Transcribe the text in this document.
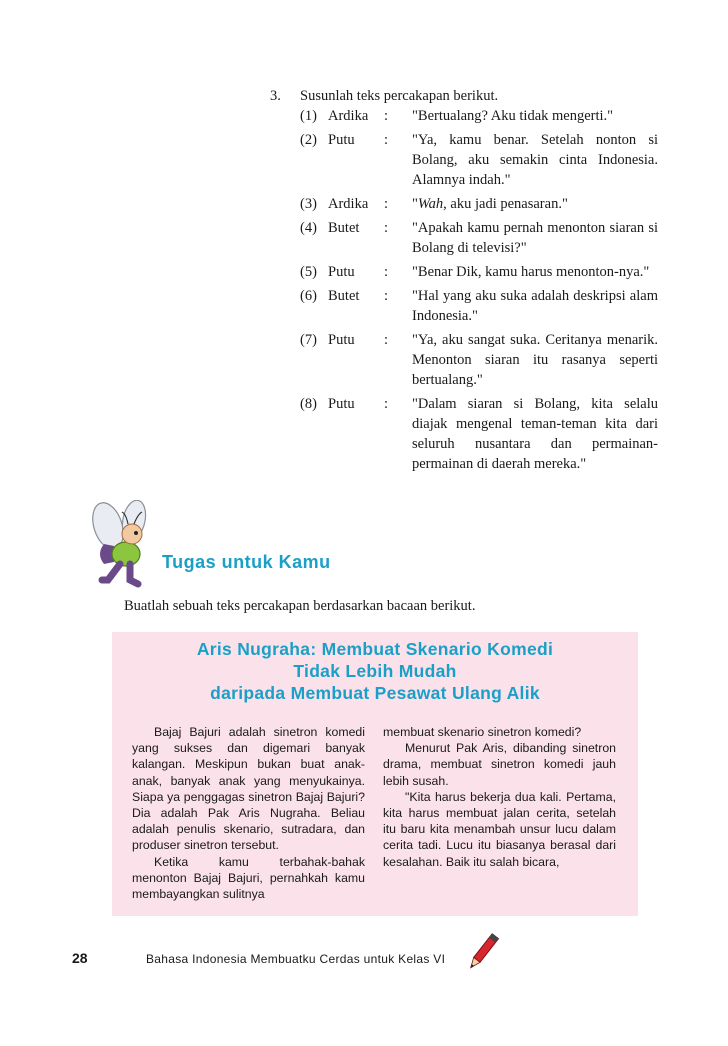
3. Susunlah teks percakapan berikut.
(1) Ardika	:	"Bertualang? Aku tidak mengerti."
(2) Putu	:	"Ya, kamu benar. Setelah nonton si Bolang, aku semakin cinta Indonesia. Alamnya indah."
(3) Ardika	:	"Wah, aku jadi penasaran."
(4) Butet	:	"Apakah kamu pernah menonton siaran si Bolang di televisi?"
(5) Putu	:	"Benar Dik, kamu harus menonton-nya."
(6) Butet	:	"Hal yang aku suka adalah deskripsi alam Indonesia."
(7) Putu	:	"Ya, aku sangat suka. Ceritanya menarik. Menonton siaran itu rasanya seperti bertualang."
(8) Putu	:	"Dalam siaran si Bolang, kita selalu diajak mengenal teman-teman kita dari seluruh nusantara dan permainan-permainan di daerah mereka."
Tugas untuk Kamu

Buatlah sebuah teks percakapan berdasarkan bacaan berikut.

Aris Nugraha: Membuat Skenario Komedi
Tidak Lebih Mudah
daripada Membuat Pesawat Ulang Alik

Bajaj Bajuri adalah sinetron komedi yang sukses dan digemari banyak kalangan. Meskipun bukan buat anak-anak, banyak anak yang menyukainya. Siapa ya penggagas sinetron Bajaj Bajuri? Dia adalah Pak Aris Nugraha. Beliau adalah penulis skenario, sutradara, dan produser sinetron tersebut.

Ketika kamu terbahak-bahak menonton Bajaj Bajuri, pernahkah kamu membayangkan sulitnya

membuat skenario sinetron komedi?

Menurut Pak Aris, dibanding sinetron drama, membuat sinetron komedi jauh lebih susah.

"Kita harus bekerja dua kali. Pertama, kita harus membuat jalan cerita, setelah itu baru kita menambah unsur lucu dalam cerita tadi. Lucu itu biasanya berasal dari kesalahan. Baik itu salah bicara,

28	Bahasa Indonesia Membuatku Cerdas untuk Kelas VI
